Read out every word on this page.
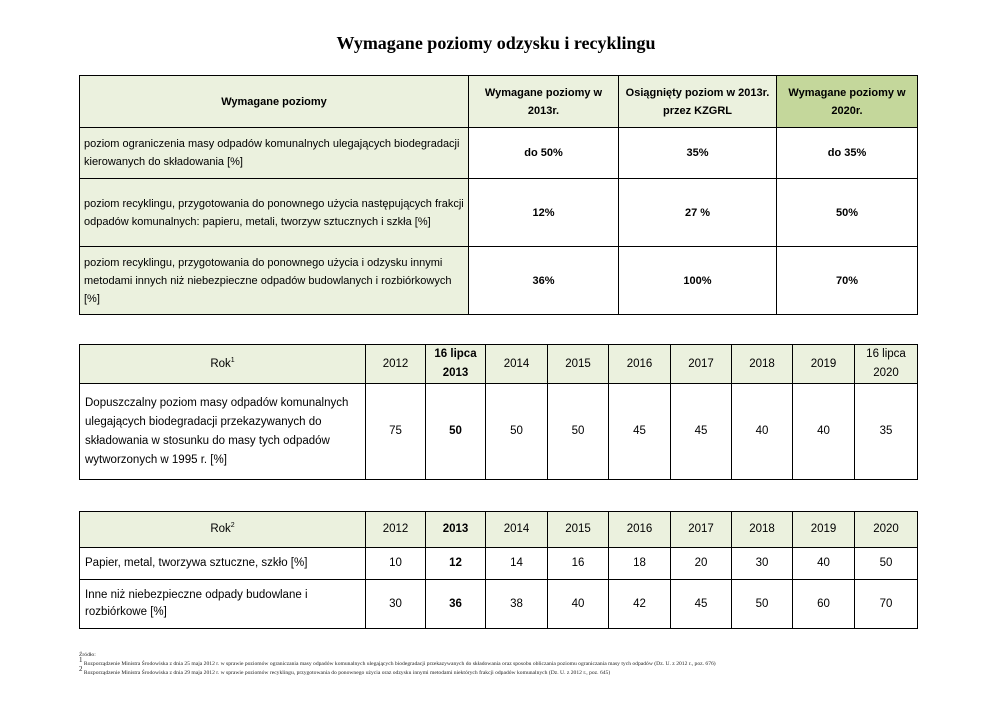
Wymagane poziomy odzysku i recyklingu
Wymagane poziomy	Wymagane poziomy w 2013r.	Osiągnięty poziom w 2013r. przez KZGRL	Wymagane poziomy w 2020r.
poziom ograniczenia masy odpadów komunalnych ulegających biodegradacji kierowanych do składowania [%]	do 50%	35%	do 35%
poziom recyklingu, przygotowania do ponownego użycia następujących frakcji odpadów komunalnych: papieru, metali, tworzyw sztucznych i szkła [%]	12%	27 %	50%
poziom recyklingu, przygotowania do ponownego użycia i odzysku innymi metodami innych niż niebezpieczne odpadów budowlanych i rozbiórkowych [%]	36%	100%	70%
Rok$^1$	2012	16 lipca 2013	2014	2015	2016	2017	2018	2019	16 lipca 2020
Dopuszczalny poziom masy odpadów komunalnych ulegających biodegradacji przekazywanych do składowania w stosunku do masy tych odpadów wytworzonych w 1995 r. [%]	75	50	50	50	45	45	40	40	35
Rok$^2$	2012	2013	2014	2015	2016	2017	2018	2019	2020
Papier, metal, tworzywa sztuczne, szkło [%]	10	12	14	16	18	20	30	40	50
Inne niż niebezpieczne odpady budowlane i rozbiórkowe [%]	30	36	38	40	42	45	50	60	70
Źródło:
$^1$ Rozporządzenie Ministra Środowiska z dnia 25 maja 2012 r. w sprawie poziomów ograniczania masy odpadów komunalnych ulegających biodegradacji przekazywanych do składowania oraz sposobu obliczania poziomu ograniczania masy tych odpadów (Dz. U. z 2012 r., poz. 676)
$^2$ Rozporządzenie Ministra Środowiska z dnia 29 maja 2012 r. w sprawie poziomów recyklingu, przygotowania do ponownego użycia oraz odzysku innymi metodami niektórych frakcji odpadów komunalnych (Dz. U. z 2012 r., poz. 645)
